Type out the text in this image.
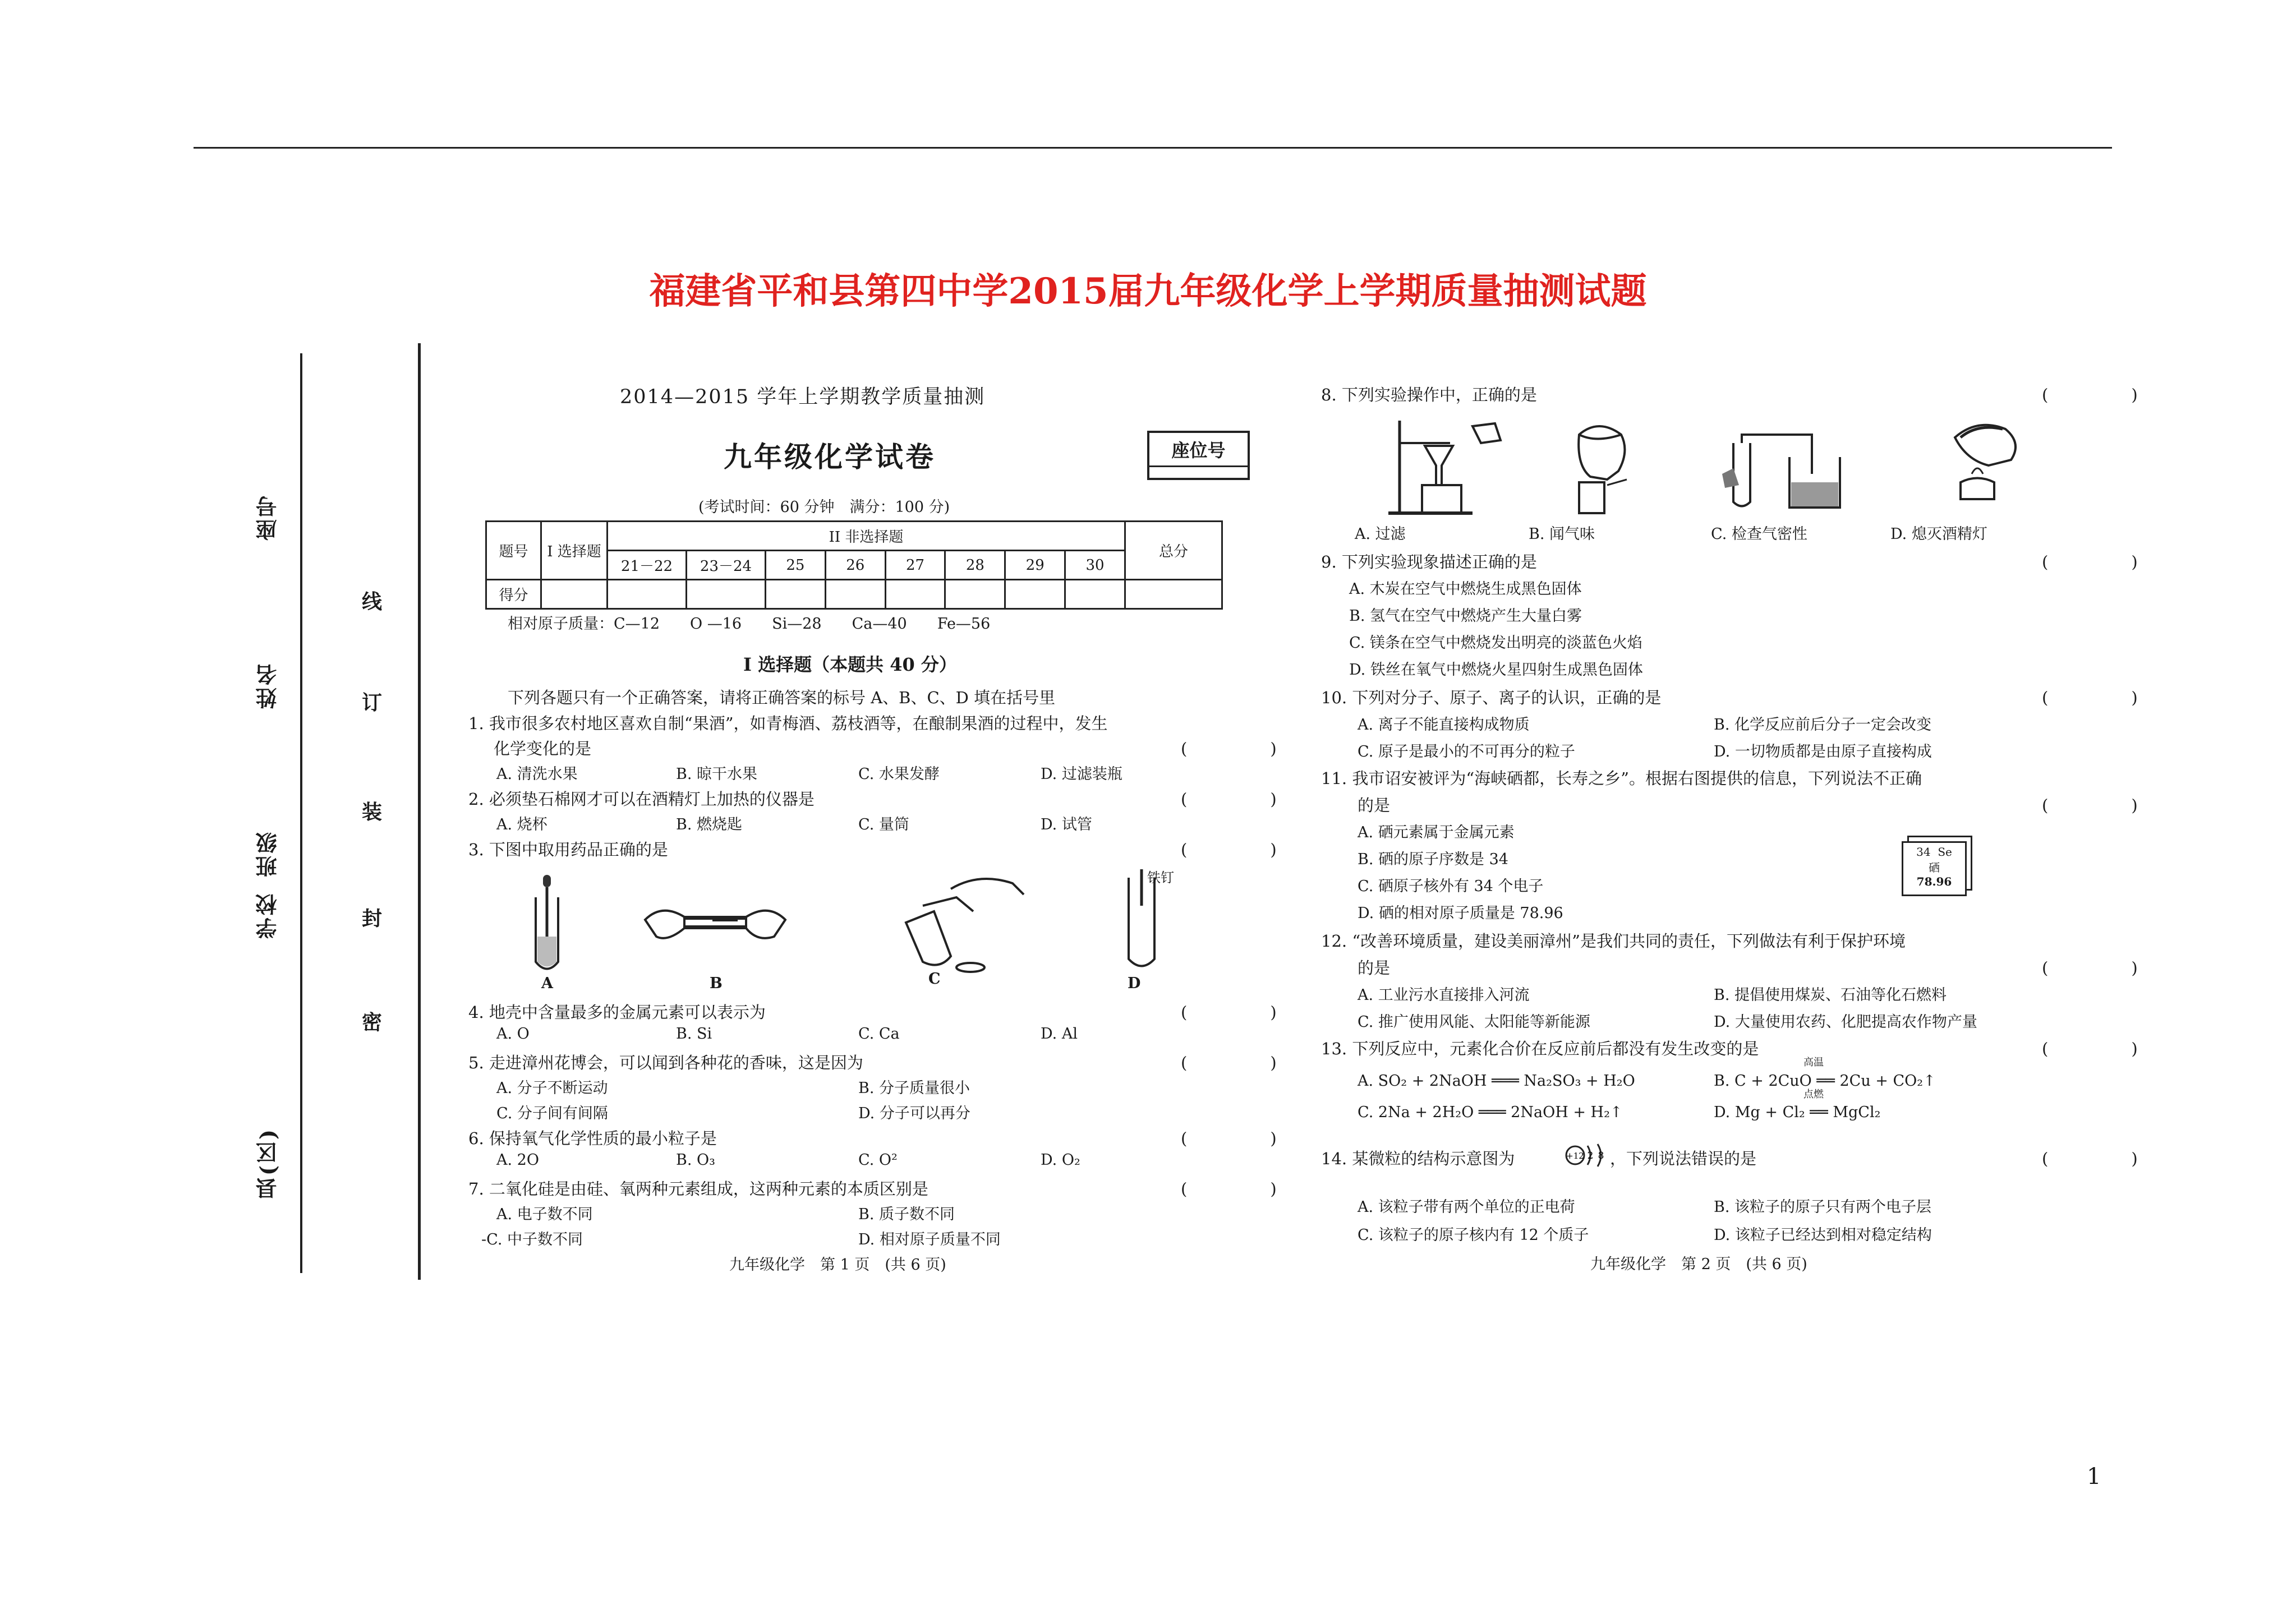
福建省平和县第四中学2015届九年级化学上学期质量抽测试题
县(区)
学校
班级
姓名
座号
密
封
装
订
线
2014—2015 学年上学期教学质量抽测
九年级化学试卷	座位号
(考试时间：60 分钟　满分：100 分)
题号	I 选择题	II 非选择题								总分
		21－22	23－24	25	26	27	28	29	30	
得分										
相对原子质量：C—12　　O —16　　Si—28　　Ca—40　　Fe—56
I 选择题（本题共 40 分）
下列各题只有一个正确答案，请将正确答案的标号 A、B、C、D 填在括号里
1. 我市很多农村地区喜欢自制“果酒”，如青梅酒、荔枝酒等，在酿制果酒的过程中，发生
化学变化的是	(　　)
A. 清洗水果	B. 晾干水果	C. 水果发酵	D. 过滤装瓶
2. 必须垫石棉网才可以在酒精灯上加热的仪器是	(　　)
A. 烧杯	B. 燃烧匙	C. 量筒	D. 试管
3. 下图中取用药品正确的是	(　　)
A	B	C
铁钉
D
4. 地壳中含量最多的金属元素可以表示为	(　　)
A. O	B. Si	C. Ca	D. Al
5. 走进漳州花博会，可以闻到各种花的香味，这是因为	(　　)
A. 分子不断运动	B. 分子质量很小
C. 分子间有间隔	D. 分子可以再分
6. 保持氧气化学性质的最小粒子是	(　　)
A. 2O	B. O₃	C. O²	D. O₂
7. 二氧化硅是由硅、氧两种元素组成，这两种元素的本质区别是	(　　)
A. 电子数不同	B. 质子数不同
-C. 中子数不同	D. 相对原子质量不同
九年级化学　第 1 页　(共 6 页)
8. 下列实验操作中，正确的是	(　　)
A. 过滤	B. 闻气味	C. 检查气密性	D. 熄灭酒精灯
9. 下列实验现象描述正确的是	(　　)
A. 木炭在空气中燃烧生成黑色固体
B. 氢气在空气中燃烧产生大量白雾
C. 镁条在空气中燃烧发出明亮的淡蓝色火焰
D. 铁丝在氧气中燃烧火星四射生成黑色固体
10. 下列对分子、原子、离子的认识，正确的是	(　　)
A. 离子不能直接构成物质	B. 化学反应前后分子一定会改变
C. 原子是最小的不可再分的粒子	D. 一切物质都是由原子直接构成
11. 我市诏安被评为“海峡硒都，长寿之乡”。根据右图提供的信息，下列说法不正确
的是	(　　)
A. 硒元素属于金属元素
B. 硒的原子序数是 34
C. 硒原子核外有 34 个电子
D. 硒的相对原子质量是 78.96
34 Se
硒
78.96
12. “改善环境质量，建设美丽漳州”是我们共同的责任，下列做法有利于保护环境
的是	(　　)
A. 工业污水直接排入河流	B. 提倡使用煤炭、石油等化石燃料
C. 推广使用风能、太阳能等新能源	D. 大量使用农药、化肥提高农作物产量
13. 下列反应中，元素化合价在反应前后都没有发生改变的是	(　　)
A. SO₂ + 2NaOH ═══ Na₂SO₃ + H₂O	B. C + 2CuO ══ 2Cu + CO₂↑
高温
C. 2Na + 2H₂O ═══ 2NaOH + H₂↑	D. Mg + Cl₂ ══ MgCl₂
点燃
14. 某微粒的结构示意图为	+12 2 8 ，下列说法错误的是	(　　)
A. 该粒子带有两个单位的正电荷	B. 该粒子的原子只有两个电子层
C. 该粒子的原子核内有 12 个质子	D. 该粒子已经达到相对稳定结构
九年级化学　第 2 页　(共 6 页)
1
